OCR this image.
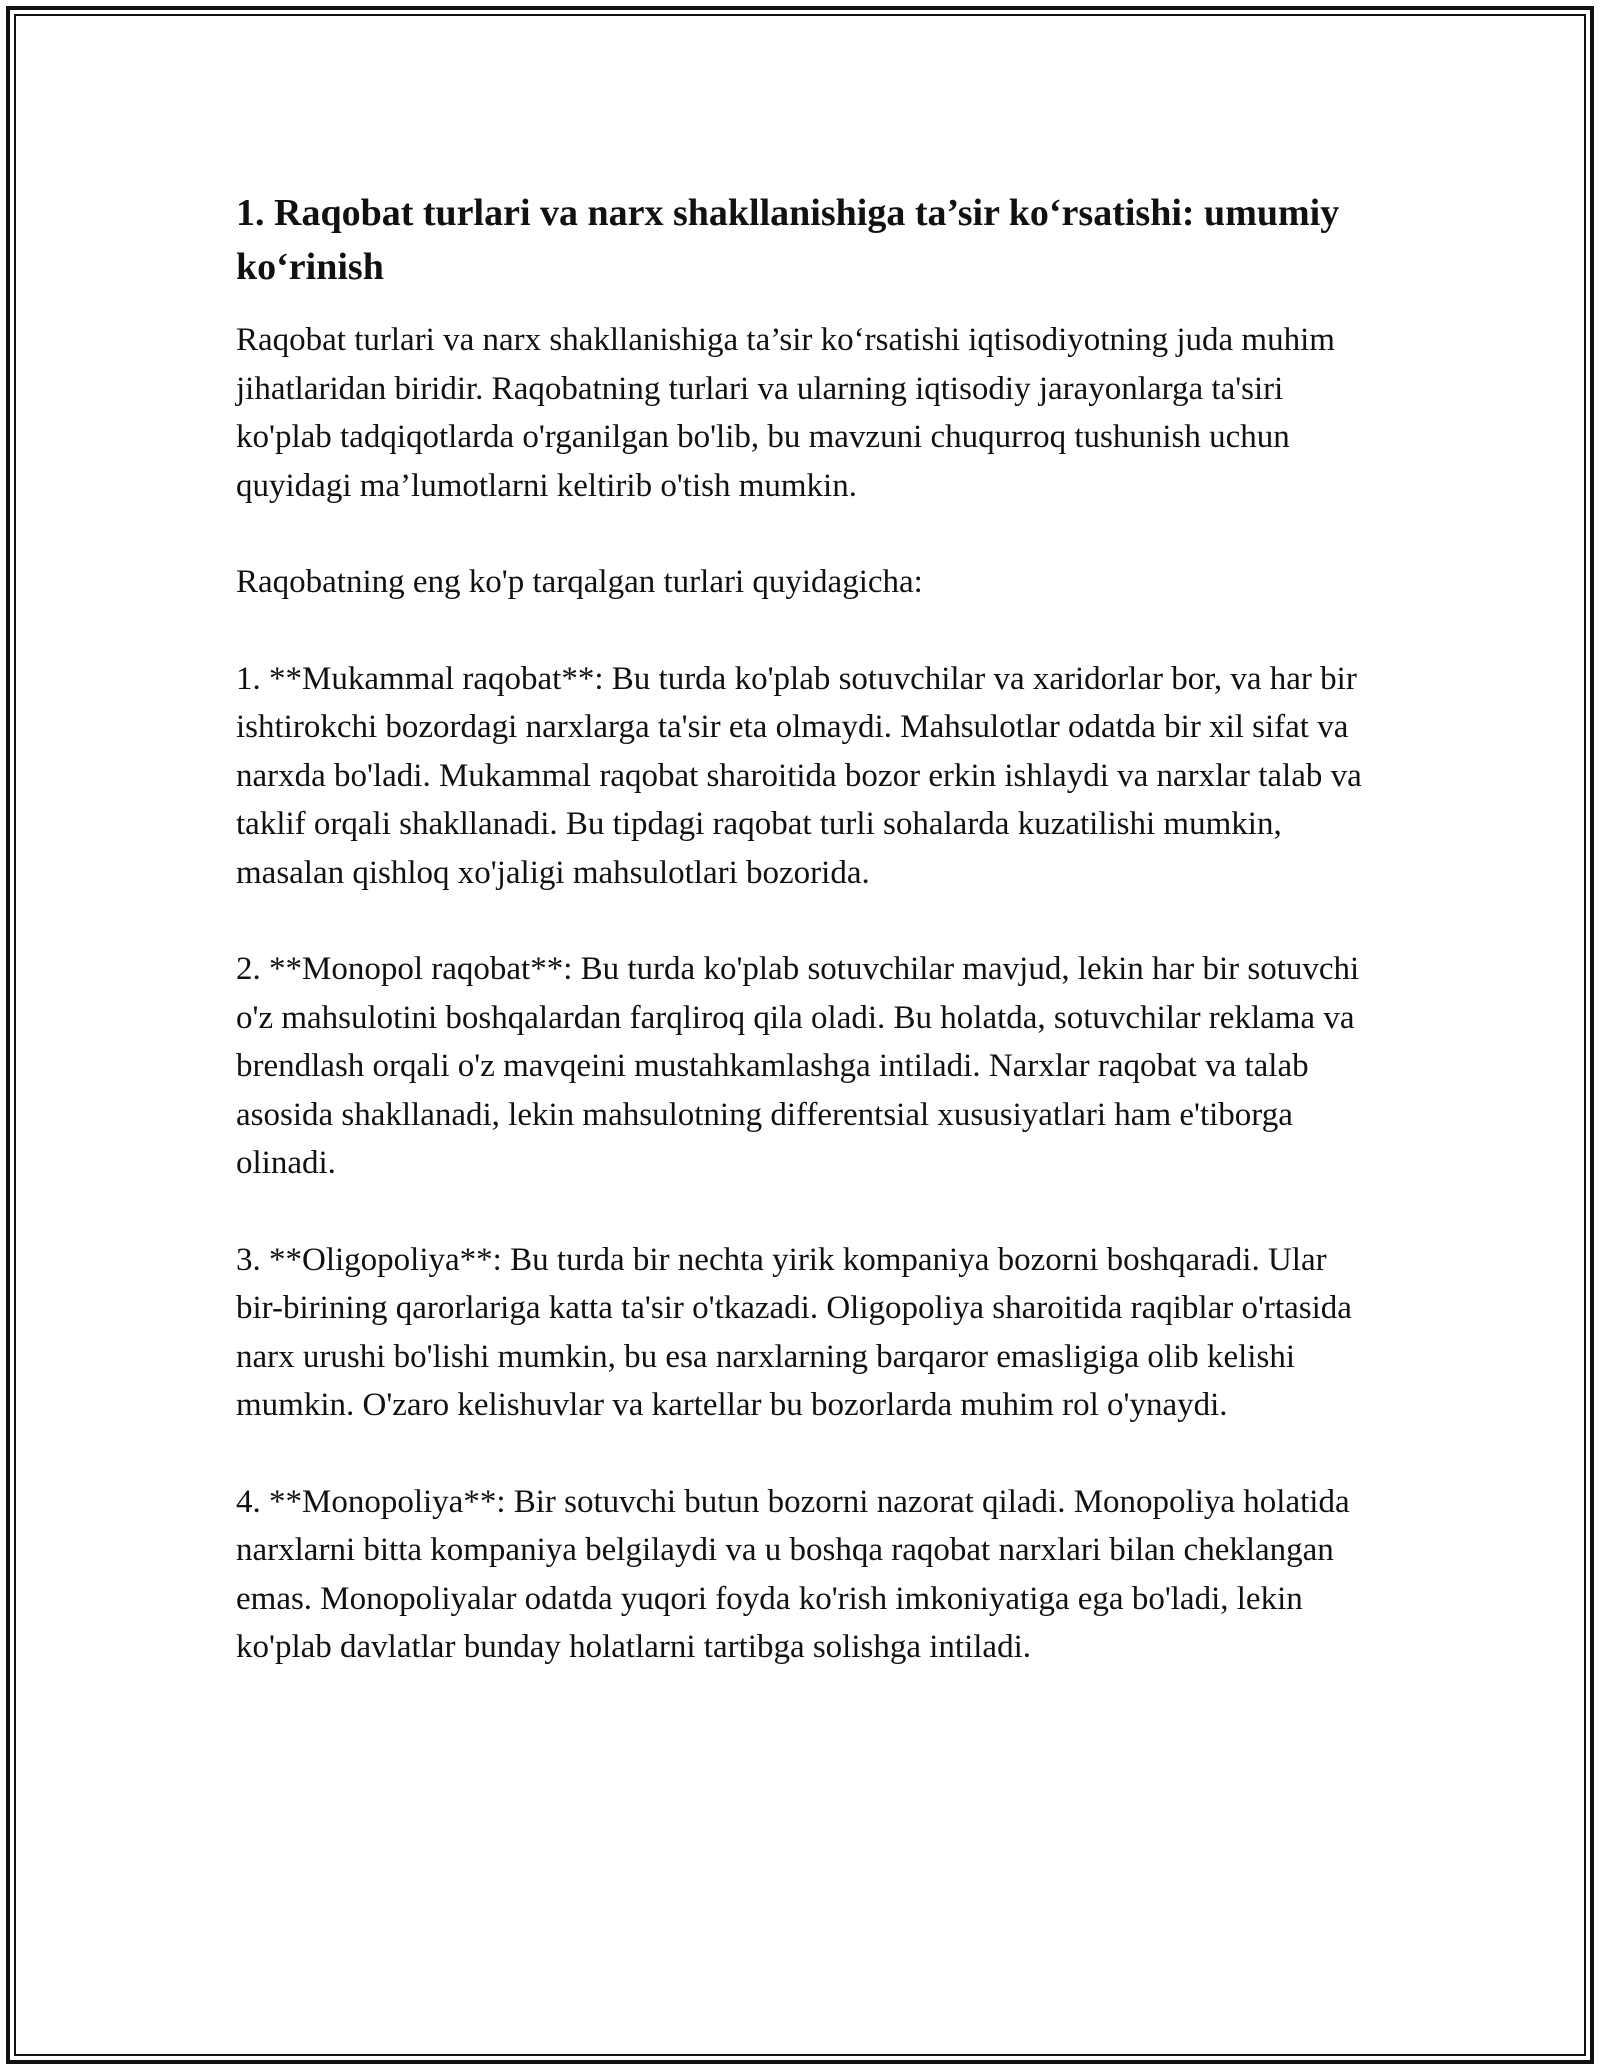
1. Raqobat turlari va narx shakllanishiga ta’sir ko‘rsatishi: umumiy ko‘rinish

Raqobat turlari va narx shakllanishiga ta’sir ko‘rsatishi iqtisodiyotning juda muhim jihatlaridan biridir. Raqobatning turlari va ularning iqtisodiy jarayonlarga ta'siri ko'plab tadqiqotlarda o'rganilgan bo'lib, bu mavzuni chuqurroq tushunish uchun quyidagi ma’lumotlarni keltirib o'tish mumkin.

Raqobatning eng ko'p tarqalgan turlari quyidagicha:

1. **Mukammal raqobat**: Bu turda ko'plab sotuvchilar va xaridorlar bor, va har bir ishtirokchi bozordagi narxlarga ta'sir eta olmaydi. Mahsulotlar odatda bir xil sifat va narxda bo'ladi. Mukammal raqobat sharoitida bozor erkin ishlaydi va narxlar talab va taklif orqali shakllanadi. Bu tipdagi raqobat turli sohalarda kuzatilishi mumkin, masalan qishloq xo'jaligi mahsulotlari bozorida.

2. **Monopol raqobat**: Bu turda ko'plab sotuvchilar mavjud, lekin har bir sotuvchi o'z mahsulotini boshqalardan farqliroq qila oladi. Bu holatda, sotuvchilar reklama va brendlash orqali o'z mavqeini mustahkamlashga intiladi. Narxlar raqobat va talab asosida shakllanadi, lekin mahsulotning differentsial xususiyatlari ham e'tiborga olinadi.

3. **Oligopoliya**: Bu turda bir nechta yirik kompaniya bozorni boshqaradi. Ular bir-birining qarorlariga katta ta'sir o'tkazadi. Oligopoliya sharoitida raqiblar o'rtasida narx urushi bo'lishi mumkin, bu esa narxlarning barqaror emasligiga olib kelishi mumkin. O'zaro kelishuvlar va kartellar bu bozorlarda muhim rol o'ynaydi.

4. **Monopoliya**: Bir sotuvchi butun bozorni nazorat qiladi. Monopoliya holatida narxlarni bitta kompaniya belgilaydi va u boshqa raqobat narxlari bilan cheklangan emas. Monopoliyalar odatda yuqori foyda ko'rish imkoniyatiga ega bo'ladi, lekin ko'plab davlatlar bunday holatlarni tartibga solishga intiladi.
